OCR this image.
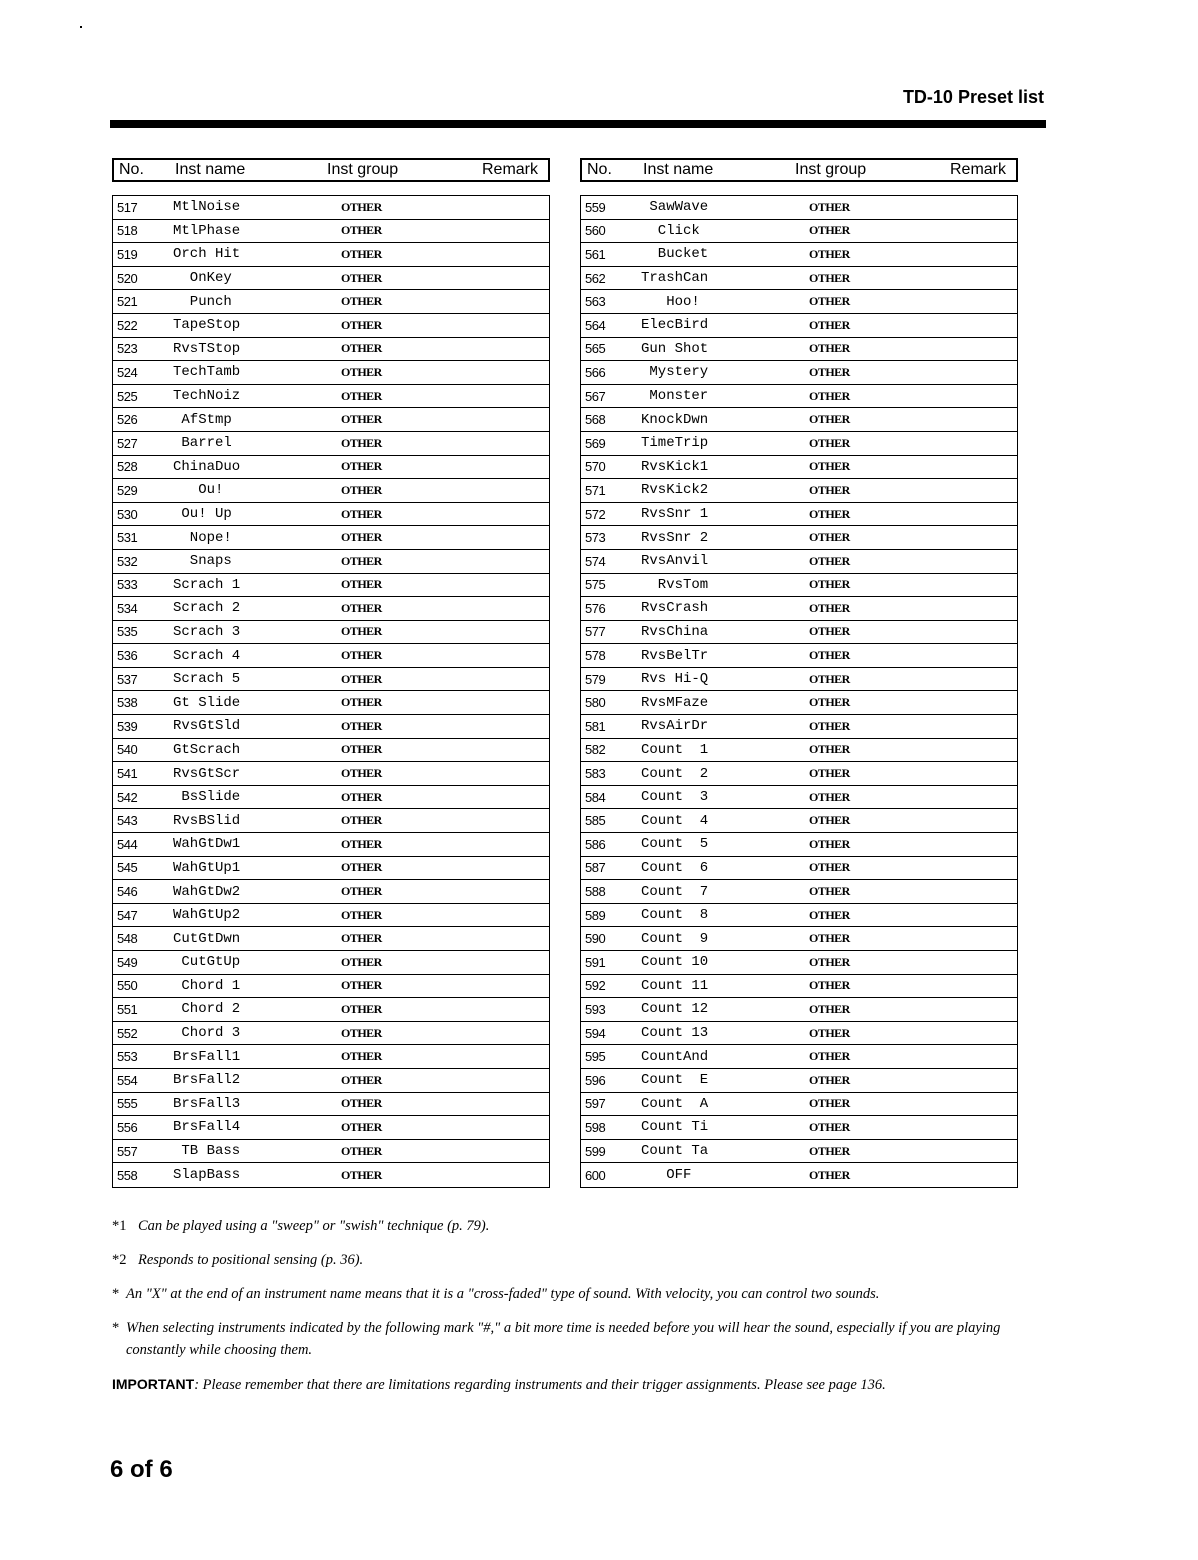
TD-10 Preset list
No.	Inst name	Inst group	Remark
517	MtlNoise	OTHER
518	MtlPhase	OTHER
519	Orch Hit	OTHER
520	OnKey	OTHER
521	Punch	OTHER
522	TapeStop	OTHER
523	RvsTStop	OTHER
524	TechTamb	OTHER
525	TechNoiz	OTHER
526	AfStmp	OTHER
527	Barrel	OTHER
528	ChinaDuo	OTHER
529	Ou!	OTHER
530	Ou! Up	OTHER
531	Nope!	OTHER
532	Snaps	OTHER
533	Scrach 1	OTHER
534	Scrach 2	OTHER
535	Scrach 3	OTHER
536	Scrach 4	OTHER
537	Scrach 5	OTHER
538	Gt Slide	OTHER
539	RvsGtSld	OTHER
540	GtScrach	OTHER
541	RvsGtScr	OTHER
542	BsSlide	OTHER
543	RvsBSlid	OTHER
544	WahGtDw1	OTHER
545	WahGtUp1	OTHER
546	WahGtDw2	OTHER
547	WahGtUp2	OTHER
548	CutGtDwn	OTHER
549	CutGtUp	OTHER
550	Chord 1	OTHER
551	Chord 2	OTHER
552	Chord 3	OTHER
553	BrsFall1	OTHER
554	BrsFall2	OTHER
555	BrsFall3	OTHER
556	BrsFall4	OTHER
557	TB Bass	OTHER
558	SlapBass	OTHER
No.	Inst name	Inst group	Remark
559	SawWave	OTHER
560	Click	OTHER
561	Bucket	OTHER
562	TrashCan	OTHER
563	Hoo!	OTHER
564	ElecBird	OTHER
565	Gun Shot	OTHER
566	Mystery	OTHER
567	Monster	OTHER
568	KnockDwn	OTHER
569	TimeTrip	OTHER
570	RvsKick1	OTHER
571	RvsKick2	OTHER
572	RvsSnr 1	OTHER
573	RvsSnr 2	OTHER
574	RvsAnvil	OTHER
575	RvsTom	OTHER
576	RvsCrash	OTHER
577	RvsChina	OTHER
578	RvsBelTr	OTHER
579	Rvs Hi-Q	OTHER
580	RvsMFaze	OTHER
581	RvsAirDr	OTHER
582	Count  1	OTHER
583	Count  2	OTHER
584	Count  3	OTHER
585	Count  4	OTHER
586	Count  5	OTHER
587	Count  6	OTHER
588	Count  7	OTHER
589	Count  8	OTHER
590	Count  9	OTHER
591	Count 10	OTHER
592	Count 11	OTHER
593	Count 12	OTHER
594	Count 13	OTHER
595	CountAnd	OTHER
596	Count  E	OTHER
597	Count  A	OTHER
598	Count Ti	OTHER
599	Count Ta	OTHER
600	OFF	OTHER
*1 Can be played using a "sweep" or "swish" technique (p. 79).
*2 Responds to positional sensing (p. 36).
* An "X" at the end of an instrument name means that it is a "cross-faded" type of sound. With velocity, you can control two sounds.
* When selecting instruments indicated by the following mark "#," a bit more time is needed before you will hear the sound, especially if you are playing constantly while choosing them.
IMPORTANT: Please remember that there are limitations regarding instruments and their trigger assignments. Please see page 136.
6 of 6
